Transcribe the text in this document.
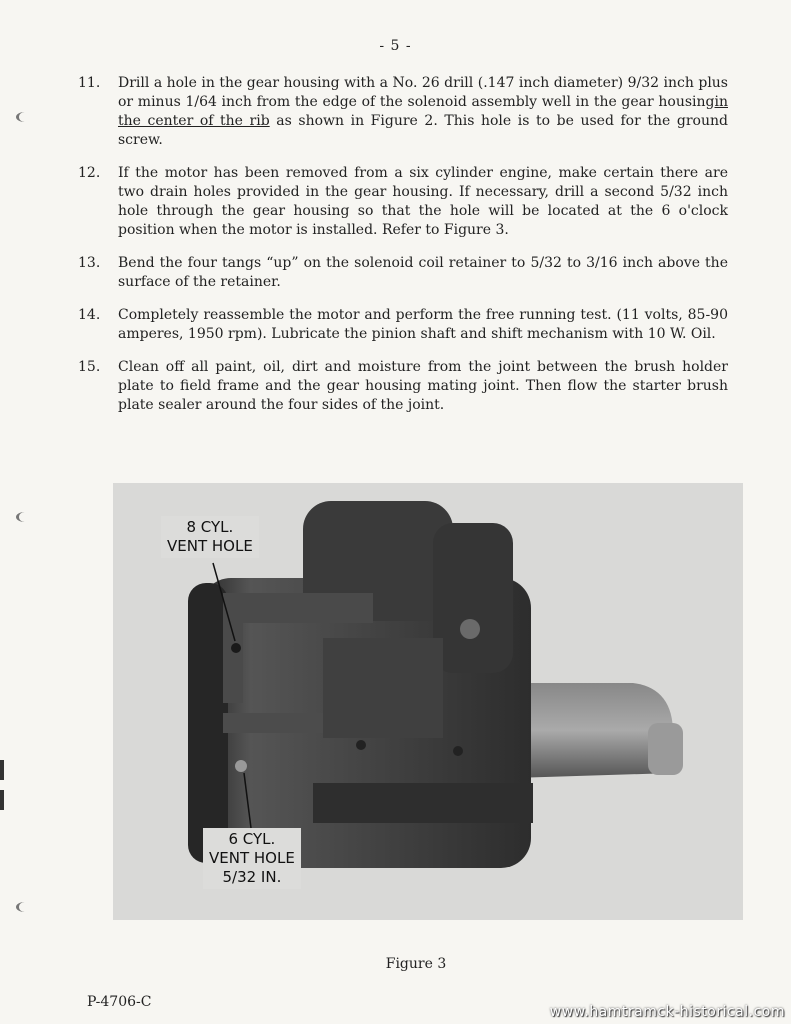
- 5 -
11.	Drill a hole in the gear housing with a No. 26 drill (.147 inch diameter) 9/32 inch plus or minus 1/64 inch from the edge of the solenoid assembly well in the gear housingin the center of the rib as shown in Figure 2. This hole is to be used for the ground screw.
12.	If the motor has been removed from a six cylinder engine, make certain there are two drain holes provided in the gear housing. If necessary, drill a second 5/32 inch hole through the gear housing so that the hole will be located at the 6 o'clock position when the motor is installed. Refer to Figure 3.
13.	Bend the four tangs “up” on the solenoid coil retainer to 5/32 to 3/16 inch above the surface of the retainer.
14.	Completely reassemble the motor and perform the free running test. (11 volts, 85-90 amperes, 1950 rpm). Lubricate the pinion shaft and shift mechanism with 10 W. Oil.
15.	Clean off all paint, oil, dirt and moisture from the joint between the brush holder plate to field frame and the gear housing mating joint. Then flow the starter brush plate sealer around the four sides of the joint.
8 CYL.
VENT HOLE
6 CYL.
VENT HOLE
5/32 IN.
Figure 3
P-4706-C
www.hamtramck-historical.com
